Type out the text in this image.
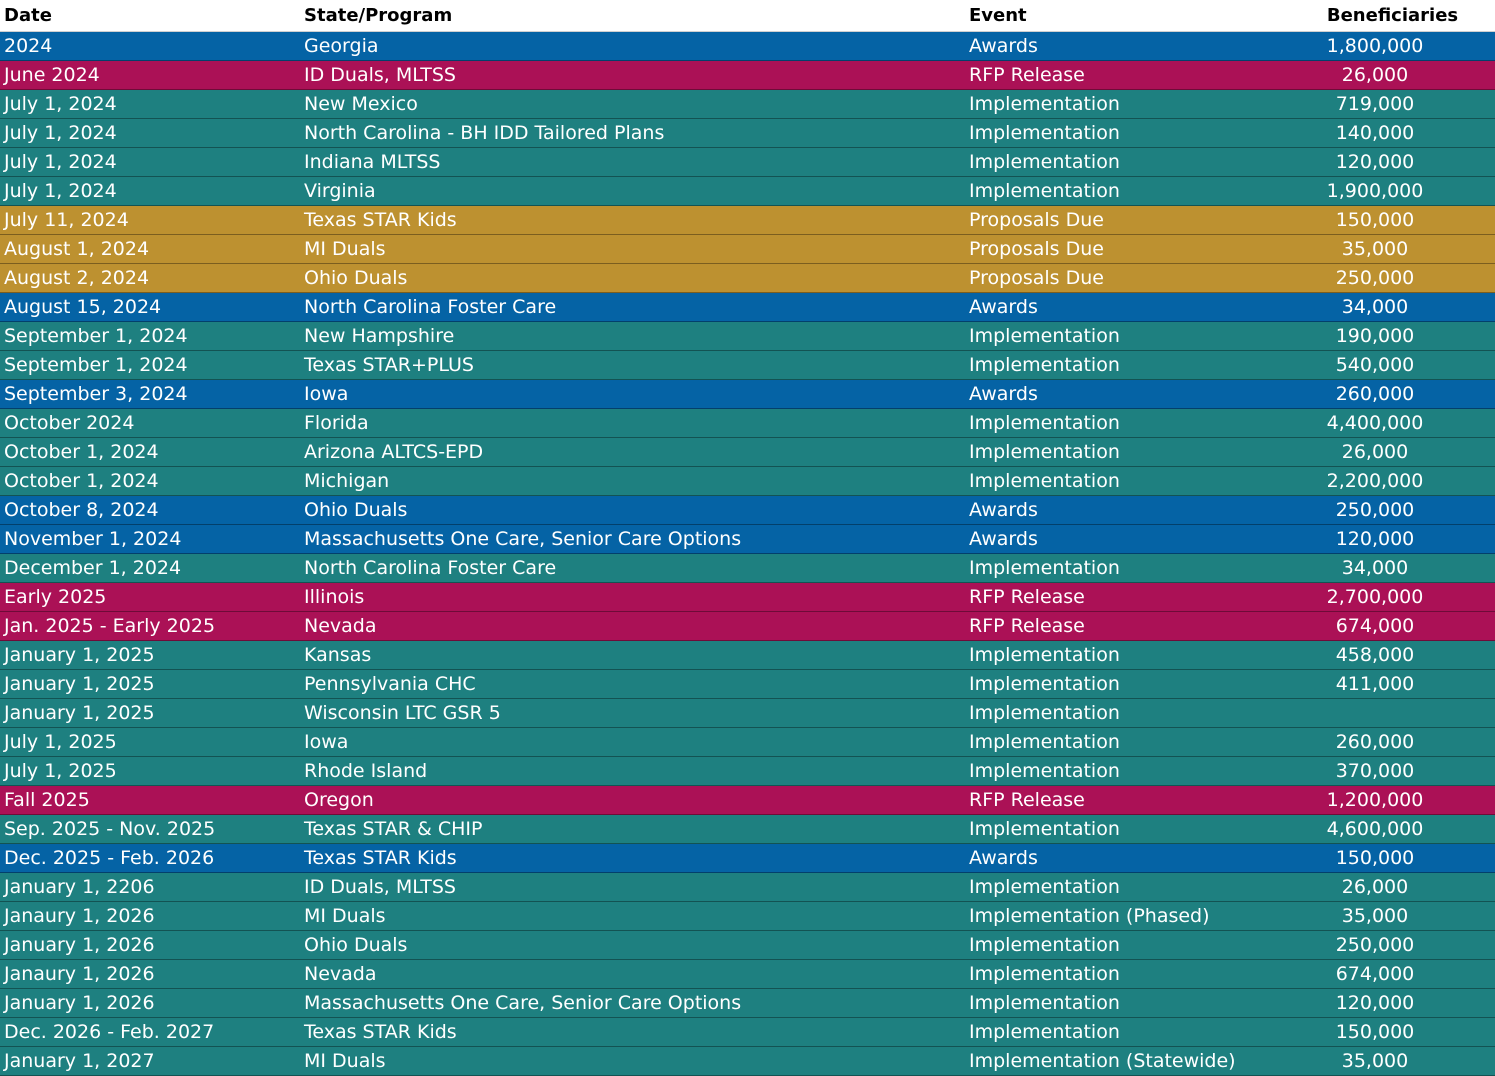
Date	State/Program	Event	Beneficiaries
2024	Georgia	Awards	1,800,000
June 2024	ID Duals, MLTSS	RFP Release	26,000
July 1, 2024	New Mexico	Implementation	719,000
July 1, 2024	North Carolina - BH IDD Tailored Plans	Implementation	140,000
July 1, 2024	Indiana MLTSS	Implementation	120,000
July 1, 2024	Virginia	Implementation	1,900,000
July 11, 2024	Texas STAR Kids	Proposals Due	150,000
August 1, 2024	MI Duals	Proposals Due	35,000
August 2, 2024	Ohio Duals	Proposals Due	250,000
August 15, 2024	North Carolina Foster Care	Awards	34,000
September 1, 2024	New Hampshire	Implementation	190,000
September 1, 2024	Texas STAR+PLUS	Implementation	540,000
September 3, 2024	Iowa	Awards	260,000
October 2024	Florida	Implementation	4,400,000
October 1, 2024	Arizona ALTCS-EPD	Implementation	26,000
October 1, 2024	Michigan	Implementation	2,200,000
October 8, 2024	Ohio Duals	Awards	250,000
November 1, 2024	Massachusetts One Care, Senior Care Options	Awards	120,000
December 1, 2024	North Carolina Foster Care	Implementation	34,000
Early 2025	Illinois	RFP Release	2,700,000
Jan. 2025 - Early 2025	Nevada	RFP Release	674,000
January 1, 2025	Kansas	Implementation	458,000
January 1, 2025	Pennsylvania CHC	Implementation	411,000
January 1, 2025	Wisconsin LTC GSR 5	Implementation
July 1, 2025	Iowa	Implementation	260,000
July 1, 2025	Rhode Island	Implementation	370,000
Fall 2025	Oregon	RFP Release	1,200,000
Sep. 2025 - Nov. 2025	Texas STAR & CHIP	Implementation	4,600,000
Dec. 2025 - Feb. 2026	Texas STAR Kids	Awards	150,000
January 1, 2206	ID Duals, MLTSS	Implementation	26,000
Janaury 1, 2026	MI Duals	Implementation (Phased)	35,000
January 1, 2026	Ohio Duals	Implementation	250,000
Janaury 1, 2026	Nevada	Implementation	674,000
January 1, 2026	Massachusetts One Care, Senior Care Options	Implementation	120,000
Dec. 2026 - Feb. 2027	Texas STAR Kids	Implementation	150,000
January 1, 2027	MI Duals	Implementation (Statewide)	35,000
